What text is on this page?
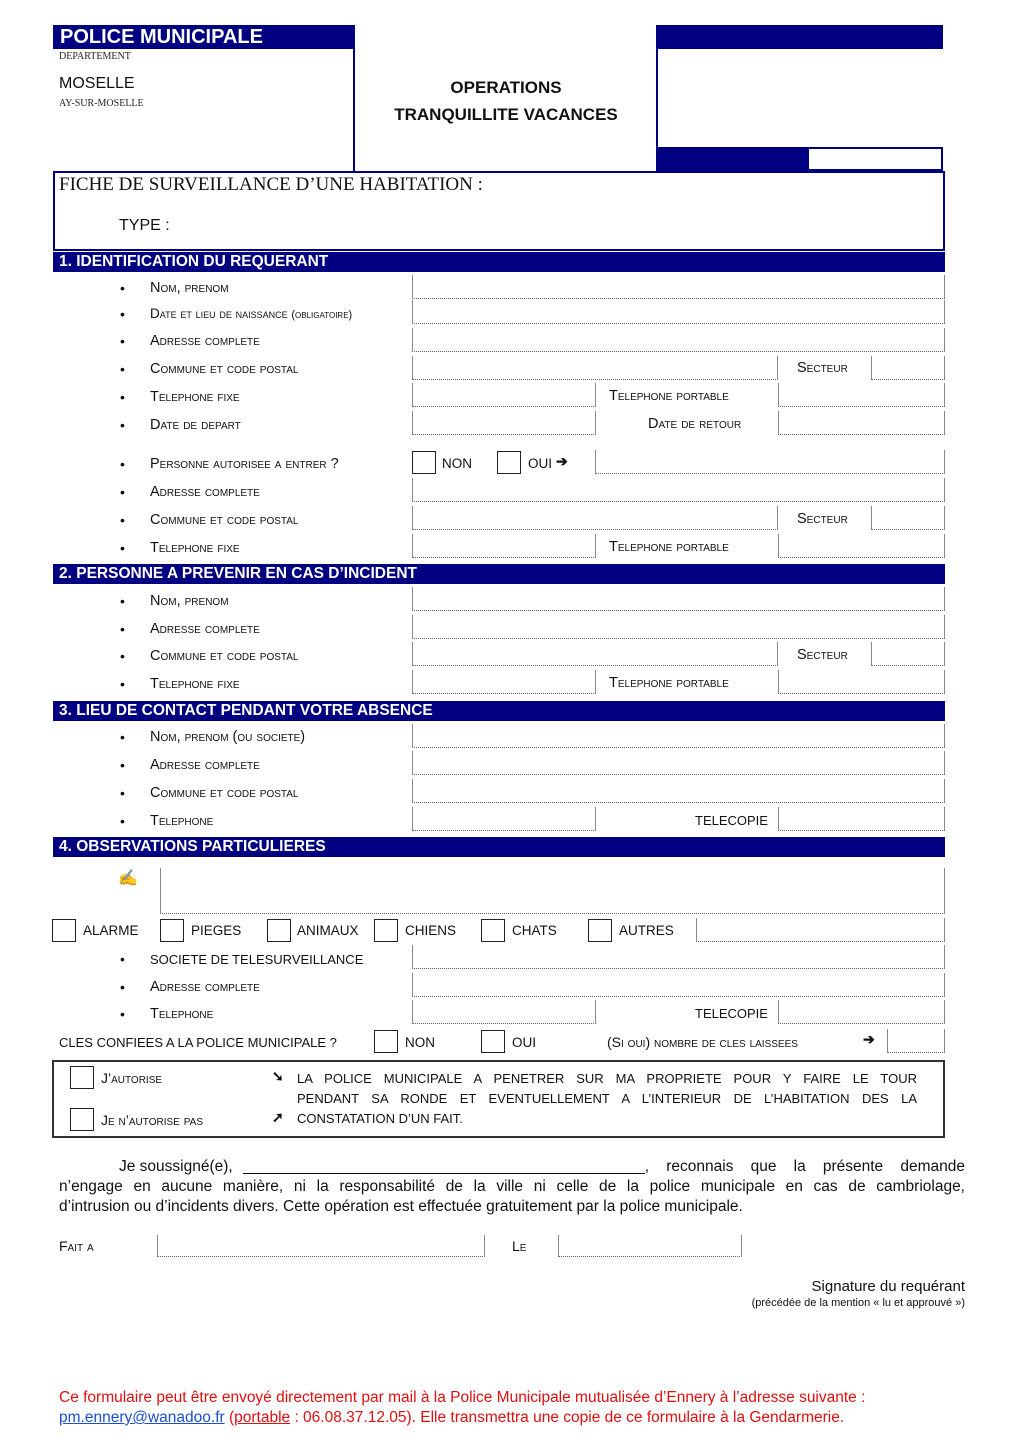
POLICE MUNICIPALE
DEPARTEMENT
MOSELLE
AY-SUR-MOSELLE
OPERATIONS
TRANQUILLITE VACANCES
FICHE DE SURVEILLANCE D’UNE HABITATION :
TYPE :
1. IDENTIFICATION DU REQUERANT
• Nom, prenom
• Date et lieu de naissance (obligatoire)
• Adresse complete
• Commune et code postal	Secteur
• Telephone fixe	Telephone portable
• Date de depart	Date de retour
• Personne autorisee a entrer ?	NON	OUI ➔
• Adresse complete
• Commune et code postal	Secteur
• Telephone fixe	Telephone portable
2. PERSONNE A PREVENIR EN CAS D’INCIDENT
• Nom, prenom
• Adresse complete
• Commune et code postal	Secteur
• Telephone fixe	Telephone portable
3. LIEU DE CONTACT PENDANT VOTRE ABSENCE
• Nom, prenom (ou societe)
• Adresse complete
• Commune et code postal
• Telephone	TELECOPIE
4. OBSERVATIONS PARTICULIERES
✍
ALARME	PIEGES	ANIMAUX	CHIENS	CHATS	AUTRES
• SOCIETE DE TELESURVEILLANCE
• Adresse complete
• Telephone	TELECOPIE
CLES CONFIEES A LA POLICE MUNICIPALE ?	NON	OUI	(Si oui) nombre de cles laissees	➔
J’autorise
Je n’autorise pas
➘
➚
LA POLICE MUNICIPALE A PENETRER SUR MA PROPRIETE POUR Y FAIRE LE TOUR
PENDANT SA RONDE ET EVENTUELLEMENT A L’INTERIEUR DE L’HABITATION DES LA
CONSTATATION D’UN FAIT.
Je soussigné(e),	, reconnais que la présente demande
n’engage en aucune manière, ni la responsabilité de la ville ni celle de la police municipale en cas de cambriolage,
d’intrusion ou d’incidents divers. Cette opération est effectuée gratuitement par la police municipale.
Fait a	Le
Signature du requérant
(précédée de la mention « lu et approuvé »)
Ce formulaire peut être envoyé directement par mail à la Police Municipale mutualisée d’Ennery à l’adresse suivante :
pm.ennery@wanadoo.fr (portable : 06.08.37.12.05). Elle transmettra une copie de ce formulaire à la Gendarmerie.
